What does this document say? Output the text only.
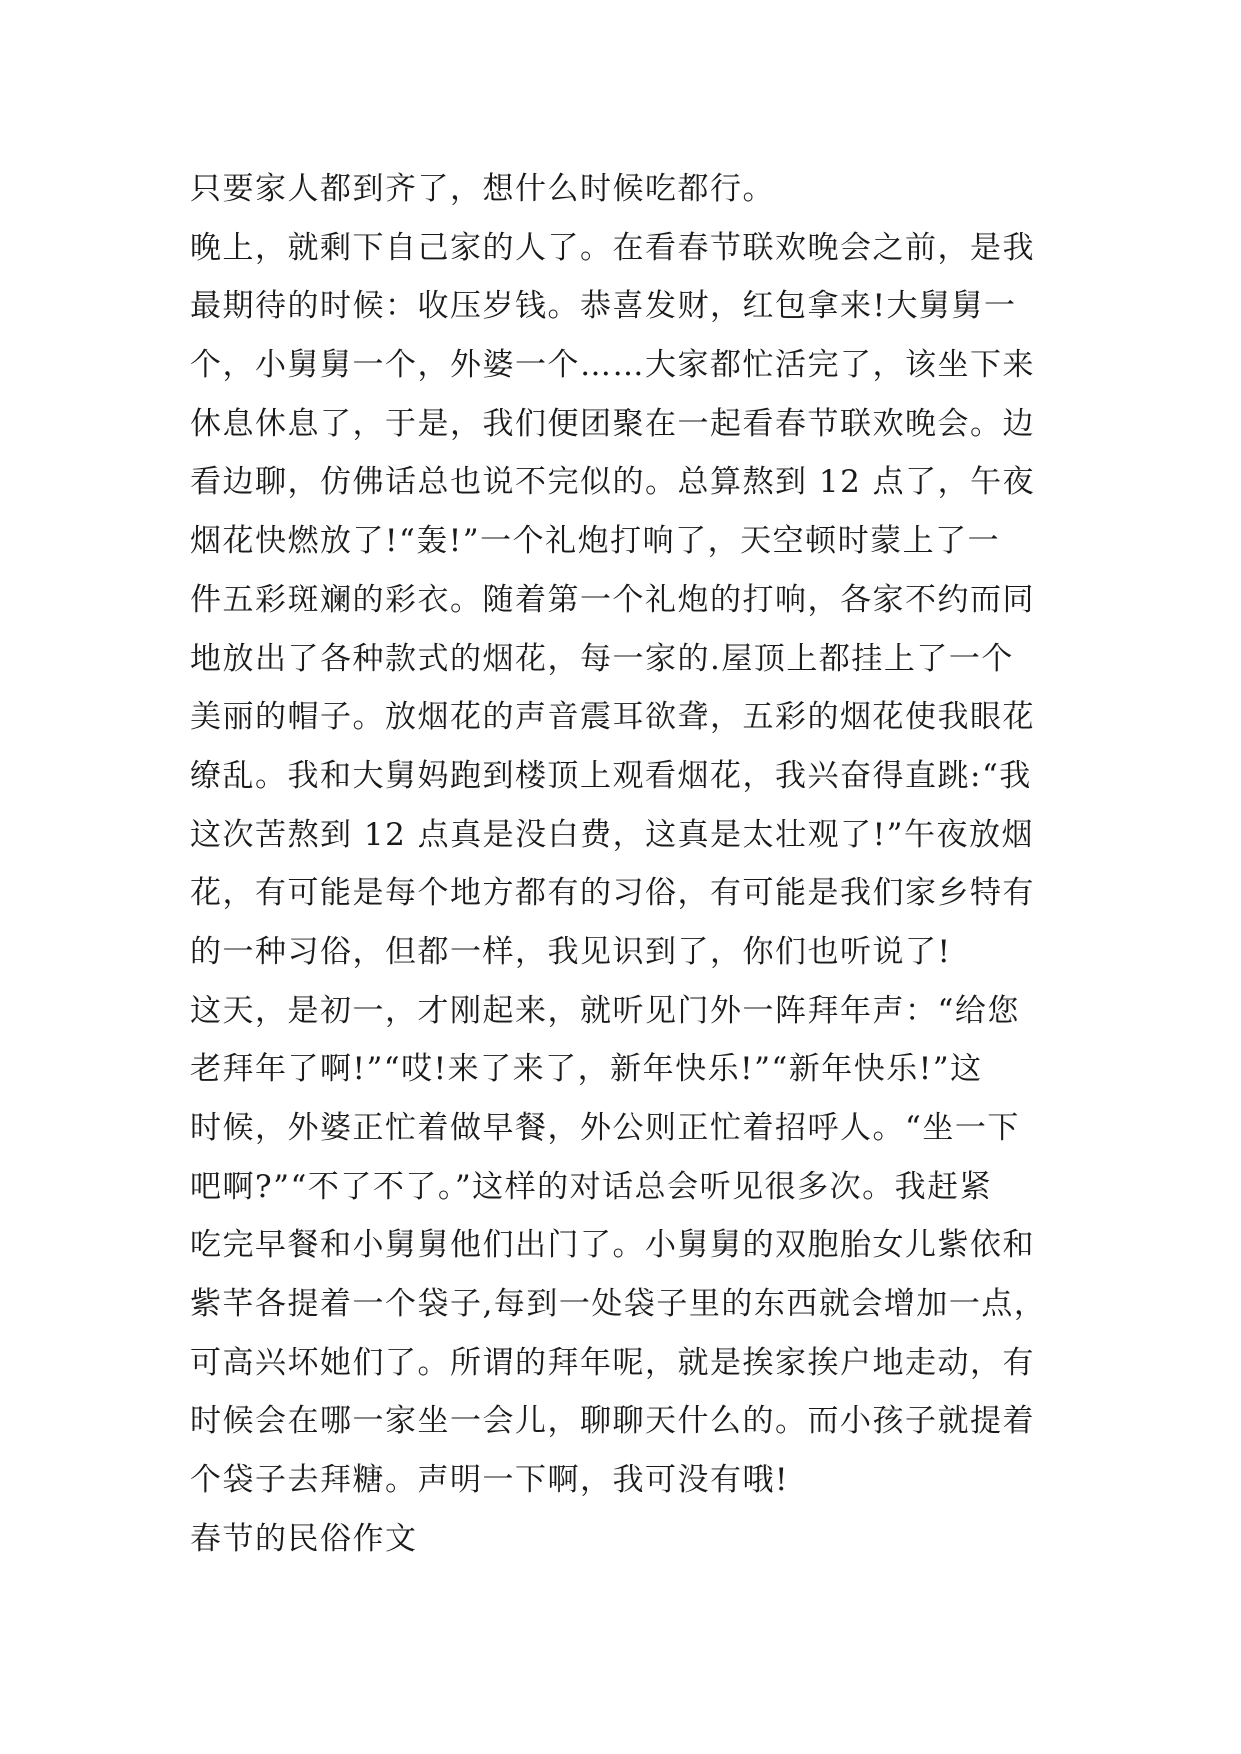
只要家人都到齐了，想什么时候吃都行。
晚上，就剩下自己家的人了。在看春节联欢晚会之前，是我
最期待的时候：收压岁钱。恭喜发财，红包拿来!大舅舅一
个，小舅舅一个，外婆一个……大家都忙活完了，该坐下来
休息休息了，于是，我们便团聚在一起看春节联欢晚会。边
看边聊，仿佛话总也说不完似的。总算熬到 12 点了，午夜
烟花快燃放了!“轰!”一个礼炮打响了，天空顿时蒙上了一
件五彩斑斓的彩衣。随着第一个礼炮的打响，各家不约而同
地放出了各种款式的烟花，每一家的.屋顶上都挂上了一个
美丽的帽子。放烟花的声音震耳欲聋，五彩的烟花使我眼花
缭乱。我和大舅妈跑到楼顶上观看烟花，我兴奋得直跳:“我
这次苦熬到 12 点真是没白费，这真是太壮观了!”午夜放烟
花，有可能是每个地方都有的习俗，有可能是我们家乡特有
的一种习俗，但都一样，我见识到了，你们也听说了!
这天，是初一，才刚起来，就听见门外一阵拜年声：“给您
老拜年了啊!”“哎!来了来了，新年快乐!”“新年快乐!”这
时候，外婆正忙着做早餐，外公则正忙着招呼人。“坐一下
吧啊?”“不了不了。”这样的对话总会听见很多次。我赶紧
吃完早餐和小舅舅他们出门了。小舅舅的双胞胎女儿紫依和
紫芊各提着一个袋子,每到一处袋子里的东西就会增加一点，
可高兴坏她们了。所谓的拜年呢，就是挨家挨户地走动，有
时候会在哪一家坐一会儿，聊聊天什么的。而小孩子就提着
个袋子去拜糖。声明一下啊，我可没有哦!
春节的民俗作文
